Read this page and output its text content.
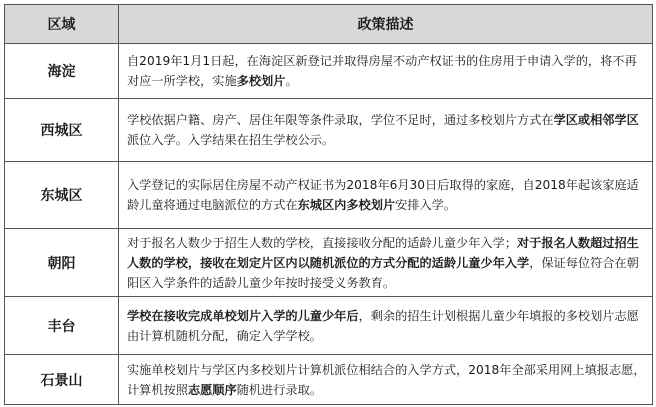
区域	政策描述
海淀	自2019年1月1日起，在海淀区新登记并取得房屋不动产权证书的住房用于申请入学的，将不再对应一所学校，实施多校划片。
西城区	学校依据户籍、房产、居住年限等条件录取，学位不足时，通过多校划片方式在学区或相邻学区派位入学。入学结果在招生学校公示。
东城区	入学登记的实际居住房屋不动产权证书为2018年6月30日后取得的家庭，自2018年起该家庭适龄儿童将通过电脑派位的方式在东城区内多校划片安排入学。
朝阳	对于报名人数少于招生人数的学校，直接接收分配的适龄儿童少年入学；对于报名人数超过招生人数的学校，接收在划定片区内以随机派位的方式分配的适龄儿童少年入学，保证每位符合在朝阳区入学条件的适龄儿童少年按时接受义务教育。
丰台	学校在接收完成单校划片入学的儿童少年后，剩余的招生计划根据儿童少年填报的多校划片志愿由计算机随机分配，确定入学学校。
石景山	实施单校划片与学区内多校划片计算机派位相结合的入学方式，2018年全部采用网上填报志愿，计算机按照志愿顺序随机进行录取。
